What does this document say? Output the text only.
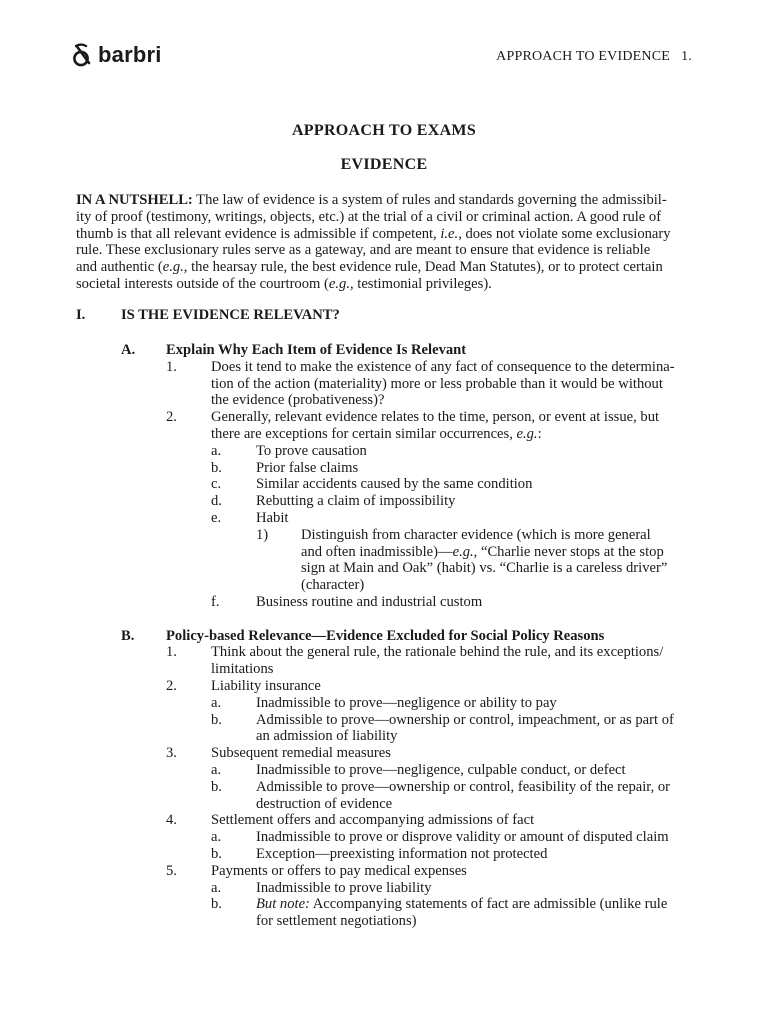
barbri	APPROACH TO EVIDENCE   1.
APPROACH TO EXAMS
EVIDENCE
IN A NUTSHELL: The law of evidence is a system of rules and standards governing the admissibil-
ity of proof (testimony, writings, objects, etc.) at the trial of a civil or criminal action. A good rule of
thumb is that all relevant evidence is admissible if competent, i.e., does not violate some exclusionary
rule. These exclusionary rules serve as a gateway, and are meant to ensure that evidence is reliable
and authentic (e.g., the hearsay rule, the best evidence rule, Dead Man Statutes), or to protect certain
societal interests outside of the courtroom (e.g., testimonial privileges).
I. IS THE EVIDENCE RELEVANT?
A. Explain Why Each Item of Evidence Is Relevant
1. Does it tend to make the existence of any fact of consequence to the determina-
tion of the action (materiality) more or less probable than it would be without
the evidence (probativeness)?
2. Generally, relevant evidence relates to the time, person, or event at issue, but
there are exceptions for certain similar occurrences, e.g.:
a. To prove causation
b. Prior false claims
c. Similar accidents caused by the same condition
d. Rebutting a claim of impossibility
e. Habit
1) Distinguish from character evidence (which is more general
and often inadmissible)—e.g., “Charlie never stops at the stop
sign at Main and Oak” (habit) vs. “Charlie is a careless driver”
(character)
f. Business routine and industrial custom
B. Policy-based Relevance—Evidence Excluded for Social Policy Reasons
1. Think about the general rule, the rationale behind the rule, and its exceptions/
limitations
2. Liability insurance
a. Inadmissible to prove—negligence or ability to pay
b. Admissible to prove—ownership or control, impeachment, or as part of
an admission of liability
3. Subsequent remedial measures
a. Inadmissible to prove—negligence, culpable conduct, or defect
b. Admissible to prove—ownership or control, feasibility of the repair, or
destruction of evidence
4. Settlement offers and accompanying admissions of fact
a. Inadmissible to prove or disprove validity or amount of disputed claim
b. Exception—preexisting information not protected
5. Payments or offers to pay medical expenses
a. Inadmissible to prove liability
b. But note: Accompanying statements of fact are admissible (unlike rule
for settlement negotiations)
